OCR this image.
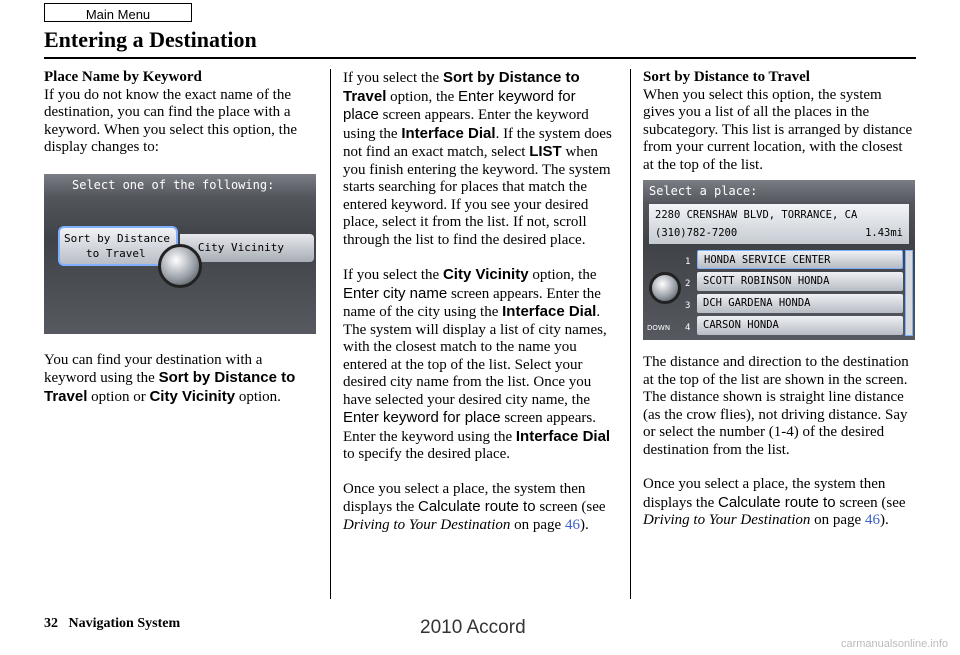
Main Menu
Entering a Destination
Place Name by Keyword

If you do not know the exact name of the destination, you can find the place with a keyword. When you select this option, the display changes to:

Select one of the following:
Sort by Distance
to Travel	City Vicinity

You can find your destination with a keyword using the Sort by Distance to Travel option or City Vicinity option.

If you select the Sort by Distance to Travel option, the Enter keyword for place screen appears. Enter the keyword using the Interface Dial. If the system does not find an exact match, select LIST when you finish entering the keyword. The system starts searching for places that match the entered keyword. If you see your desired place, select it from the list. If not, scroll through the list to find the desired place.

If you select the City Vicinity option, the Enter city name screen appears. Enter the name of the city using the Interface Dial. The system will display a list of city names, with the closest match to the name you entered at the top of the list. Select your desired city name from the list. Once you have selected your desired city name, the Enter keyword for place screen appears. Enter the keyword using the Interface Dial to specify the desired place.

Once you select a place, the system then displays the Calculate route to screen (see Driving to Your Destination on page 46).

Sort by Distance to Travel

When you select this option, the system gives you a list of all the places in the subcategory. This list is arranged by distance from your current location, with the closest at the top of the list.

Select a place:
2280 CRENSHAW BLVD, TORRANCE, CA
(310)782-7200	1.43mi
1
2
3
4
HONDA SERVICE CENTER
SCOTT ROBINSON HONDA
DCH GARDENA HONDA
CARSON HONDA
DOWN

The distance and direction to the destination at the top of the list are shown in the screen. The distance shown is straight line distance (as the crow flies), not driving distance. Say or select the number (1-4) of the desired destination from the list.

Once you select a place, the system then displays the Calculate route to screen (see Driving to Your Destination on page 46).

32 Navigation System	2010 Accord
carmanualsonline.info
